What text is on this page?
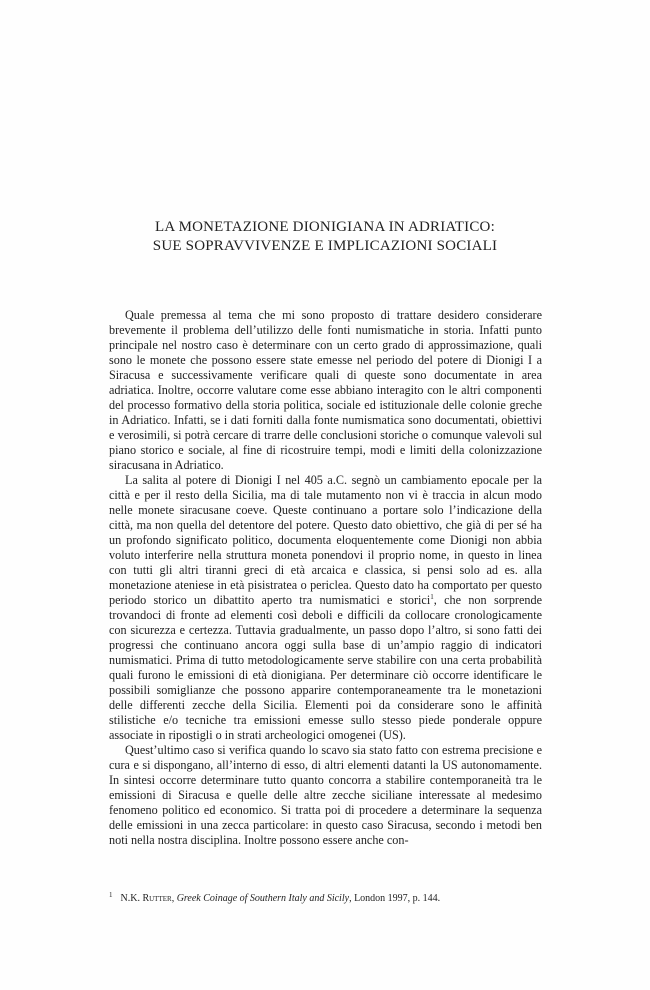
LA MONETAZIONE DIONIGIANA IN ADRIATICO:
SUE SOPRAVVIVENZE E IMPLICAZIONI SOCIALI

Quale premessa al tema che mi sono proposto di trattare desidero considerare brevemente il problema dell’utilizzo delle fonti numismatiche in storia. Infatti punto principale nel nostro caso è determinare con un certo grado di approssimazione, quali sono le monete che possono essere state emesse nel periodo del potere di Dionigi I a Siracusa e successivamente verificare quali di queste sono documentate in area adriatica. Inoltre, occorre valutare come esse abbiano interagito con le altri componenti del processo formativo della storia politica, sociale ed istituzionale delle colonie greche in Adriatico. Infatti, se i dati forniti dalla fonte numismatica sono documentati, obiettivi e verosimili, si potrà cercare di trarre delle conclusioni storiche o comunque valevoli sul piano storico e sociale, al fine di ricostruire tempi, modi e limiti della colonizzazione siracusana in Adriatico.

La salita al potere di Dionigi I nel 405 a.C. segnò un cambiamento epocale per la città e per il resto della Sicilia, ma di tale mutamento non vi è traccia in alcun modo nelle monete siracusane coeve. Queste continuano a portare solo l’indicazione della città, ma non quella del detentore del potere. Questo dato obiettivo, che già di per sé ha un profondo significato politico, documenta eloquentemente come Dionigi non abbia voluto interferire nella struttura moneta ponendovi il proprio nome, in questo in linea con tutti gli altri tiranni greci di età arcaica e classica, si pensi solo ad es. alla monetazione ateniese in età pisistratea o periclea. Questo dato ha comportato per questo periodo storico un dibattito aperto tra numismatici e storici$^1$, che non sorprende trovandoci di fronte ad elementi così deboli e difficili da collocare cronologicamente con sicurezza e certezza. Tuttavia gradualmente, un passo dopo l’altro, si sono fatti dei progressi che continuano ancora oggi sulla base di un’ampio raggio di indicatori numismatici. Prima di tutto metodologicamente serve stabilire con una certa probabilità quali furono le emissioni di età dionigiana. Per determinare ciò occorre identificare le possibili somiglianze che possono apparire contemporaneamente tra le monetazioni delle differenti zecche della Sicilia. Elementi poi da considerare sono le affinità stilistiche e/o tecniche tra emissioni emesse sullo stesso piede ponderale oppure associate in ripostigli o in strati archeologici omogenei (US).

Quest’ultimo caso si verifica quando lo scavo sia stato fatto con estrema precisione e cura e si dispongano, all’interno di esso, di altri elementi datanti la US autonomamente. In sintesi occorre determinare tutto quanto concorra a stabilire contemporaneità tra le emissioni di Siracusa e quelle delle altre zecche siciliane interessate al medesimo fenomeno politico ed economico. Si tratta poi di procedere a determinare la sequenza delle emissioni in una zecca particolare: in questo caso Siracusa, secondo i metodi ben noti nella nostra disciplina. Inoltre possono essere anche con-

$^1$ N.K. Rutter, Greek Coinage of Southern Italy and Sicily, London 1997, p. 144.
